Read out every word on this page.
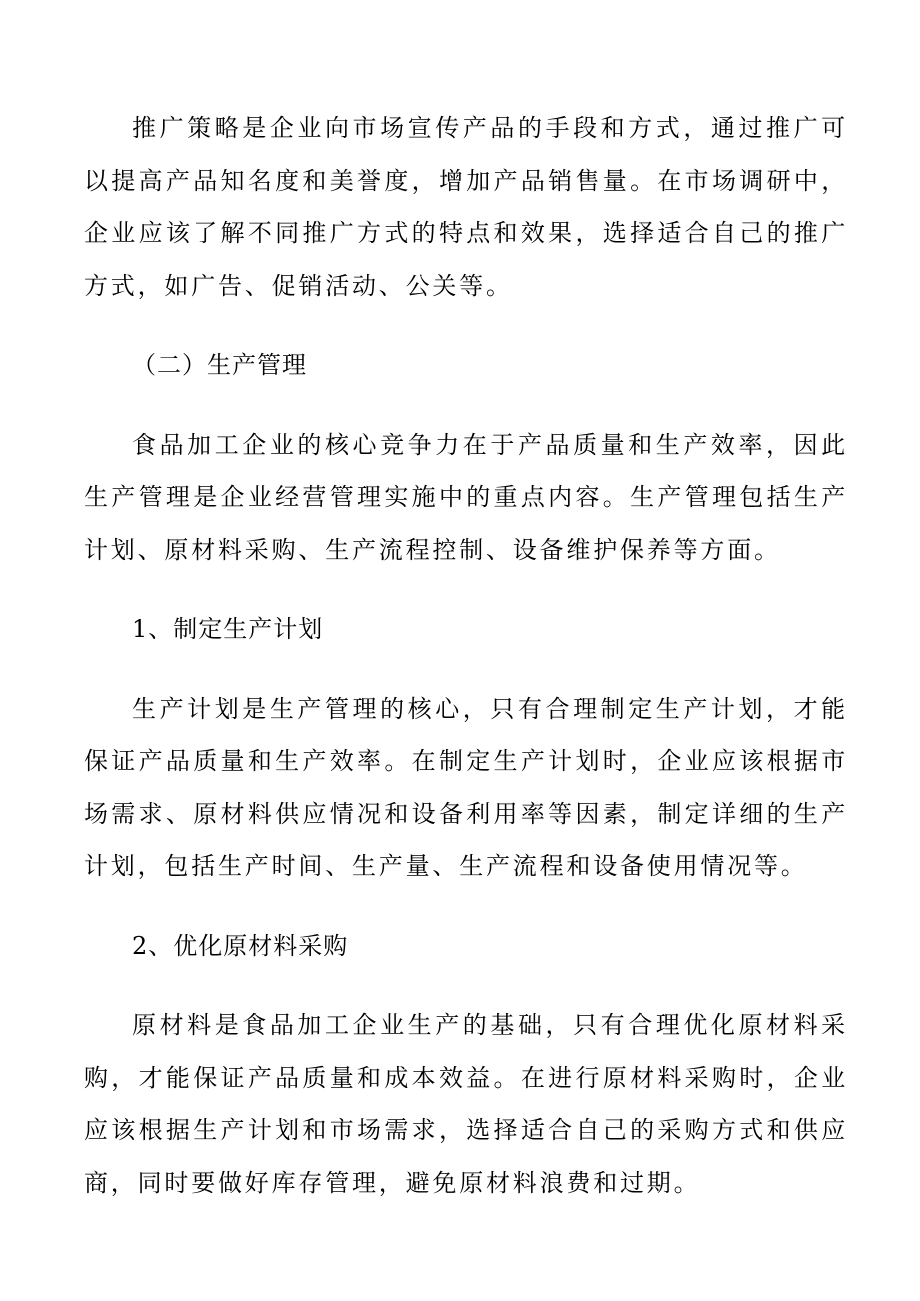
推广策略是企业向市场宣传产品的手段和方式，通过推广可以提高产品知名度和美誉度，增加产品销售量。在市场调研中，企业应该了解不同推广方式的特点和效果，选择适合自己的推广方式，如广告、促销活动、公关等。

（二）生产管理

食品加工企业的核心竞争力在于产品质量和生产效率，因此生产管理是企业经营管理实施中的重点内容。生产管理包括生产计划、原材料采购、生产流程控制、设备维护保养等方面。

1、制定生产计划

生产计划是生产管理的核心，只有合理制定生产计划，才能保证产品质量和生产效率。在制定生产计划时，企业应该根据市场需求、原材料供应情况和设备利用率等因素，制定详细的生产计划，包括生产时间、生产量、生产流程和设备使用情况等。

2、优化原材料采购

原材料是食品加工企业生产的基础，只有合理优化原材料采购，才能保证产品质量和成本效益。在进行原材料采购时，企业应该根据生产计划和市场需求，选择适合自己的采购方式和供应商，同时要做好库存管理，避免原材料浪费和过期。
